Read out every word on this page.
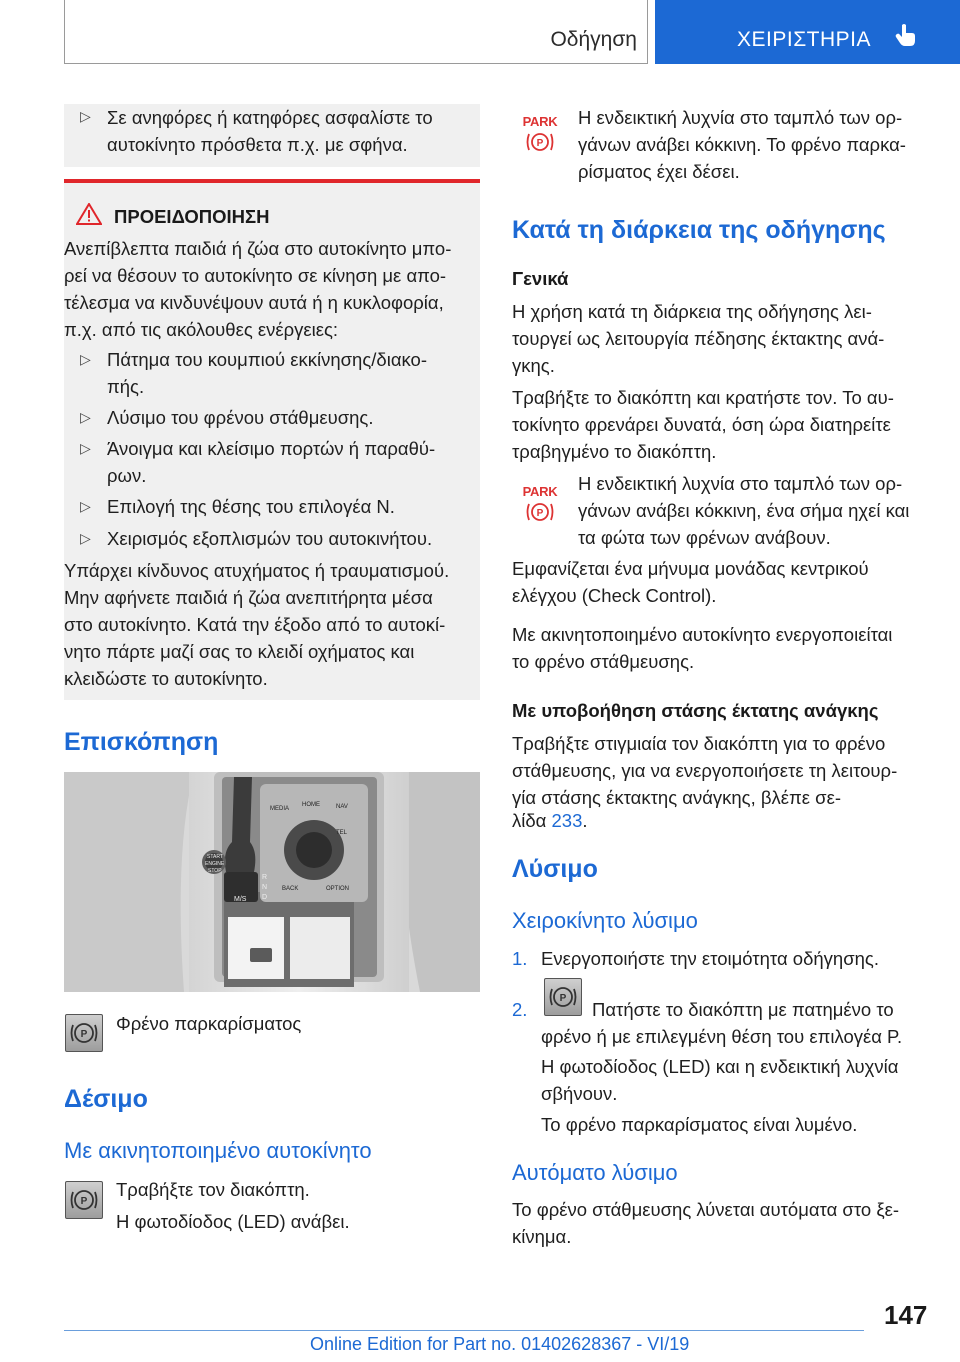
Οδήγηση	ΧΕΙΡΙΣΤΗΡΙΑ
▷ Σε ανηφόρες ή κατηφόρες ασφαλίστε το αυτοκίνητο πρόσθετα π.χ. με σφήνα.
ΠΡΟΕΙΔΟΠΟΙΗΣΗ
Ανεπίβλεπτα παιδιά ή ζώα στο αυτοκίνητο μπο-
ρεί να θέσουν το αυτοκίνητο σε κίνηση με απο-
τέλεσμα να κινδυνέψουν αυτά ή η κυκλοφορία,
π.χ. από τις ακόλουθες ενέργειες:
▷ Πάτημα του κουμπιού εκκίνησης/διακο-
πής.
▷ Λύσιμο του φρένου στάθμευσης.
▷ Άνοιγμα και κλείσιμο πορτών ή παραθύ-
ρων.
▷ Επιλογή της θέσης του επιλογέα N.
▷ Χειρισμός εξοπλισμών του αυτοκινήτου.
Υπάρχει κίνδυνος ατυχήματος ή τραυματισμού.
Μην αφήνετε παιδιά ή ζώα ανεπιτήρητα μέσα
στο αυτοκίνητο. Κατά την έξοδο από το αυτοκί-
νητο πάρτε μαζί σας το κλειδί οχήματος και
κλειδώστε το αυτοκίνητο.
Επισκόπηση
MEDIA
HOME	NAV
TEL
BACK	OPTION
START
ENGINE
STOP
R
N
D
M/S
P
Φρένο παρκαρίσματος
Δέσιμο
Με ακινητοποιημένο αυτοκίνητο
P
Τραβήξτε τον διακόπτη.
Η φωτοδίοδος (LED) ανάβει.
PARK
P
Η ενδεικτική λυχνία στο ταμπλό των ορ-
γάνων ανάβει κόκκινη. Το φρένο παρκα-
ρίσματος έχει δέσει.
Κατά τη διάρκεια της οδήγησης
Γενικά
Η χρήση κατά τη διάρκεια της οδήγησης λει-
τουργεί ως λειτουργία πέδησης έκτακτης ανά-
γκης.
Τραβήξτε το διακόπτη και κρατήστε τον. Το αυ-
τοκίνητο φρενάρει δυνατά, όση ώρα διατηρείτε
τραβηγμένο το διακόπτη.
PARK
P
Η ενδεικτική λυχνία στο ταμπλό των ορ-
γάνων ανάβει κόκκινη, ένα σήμα ηχεί και
τα φώτα των φρένων ανάβουν.
Εμφανίζεται ένα μήνυμα μονάδας κεντρικού
ελέγχου (Check Control).
Με ακινητοποιημένο αυτοκίνητο ενεργοποιείται
το φρένο στάθμευσης.
Με υποβοήθηση στάσης έκτατης ανάγκης
Τραβήξτε στιγμιαία τον διακόπτη για το φρένο
στάθμευσης, για να ενεργοποιήσετε τη λειτουρ-
γία στάσης έκτακτης ανάγκης, βλέπε σε-
λίδα 233.
Λύσιμο
Χειροκίνητο λύσιμο
1. Ενεργοποιήστε την ετοιμότητα οδήγησης.
2.
P
Πατήστε το διακόπτη με πατημένο το
φρένο ή με επιλεγμένη θέση του επιλογέα P.
Η φωτοδίοδος (LED) και η ενδεικτική λυχνία
σβήνουν.
Το φρένο παρκαρίσματος είναι λυμένο.
Αυτόματο λύσιμο
Το φρένο στάθμευσης λύνεται αυτόματα στο ξε-
κίνημα.
147
Online Edition for Part no. 01402628367 - VI/19
